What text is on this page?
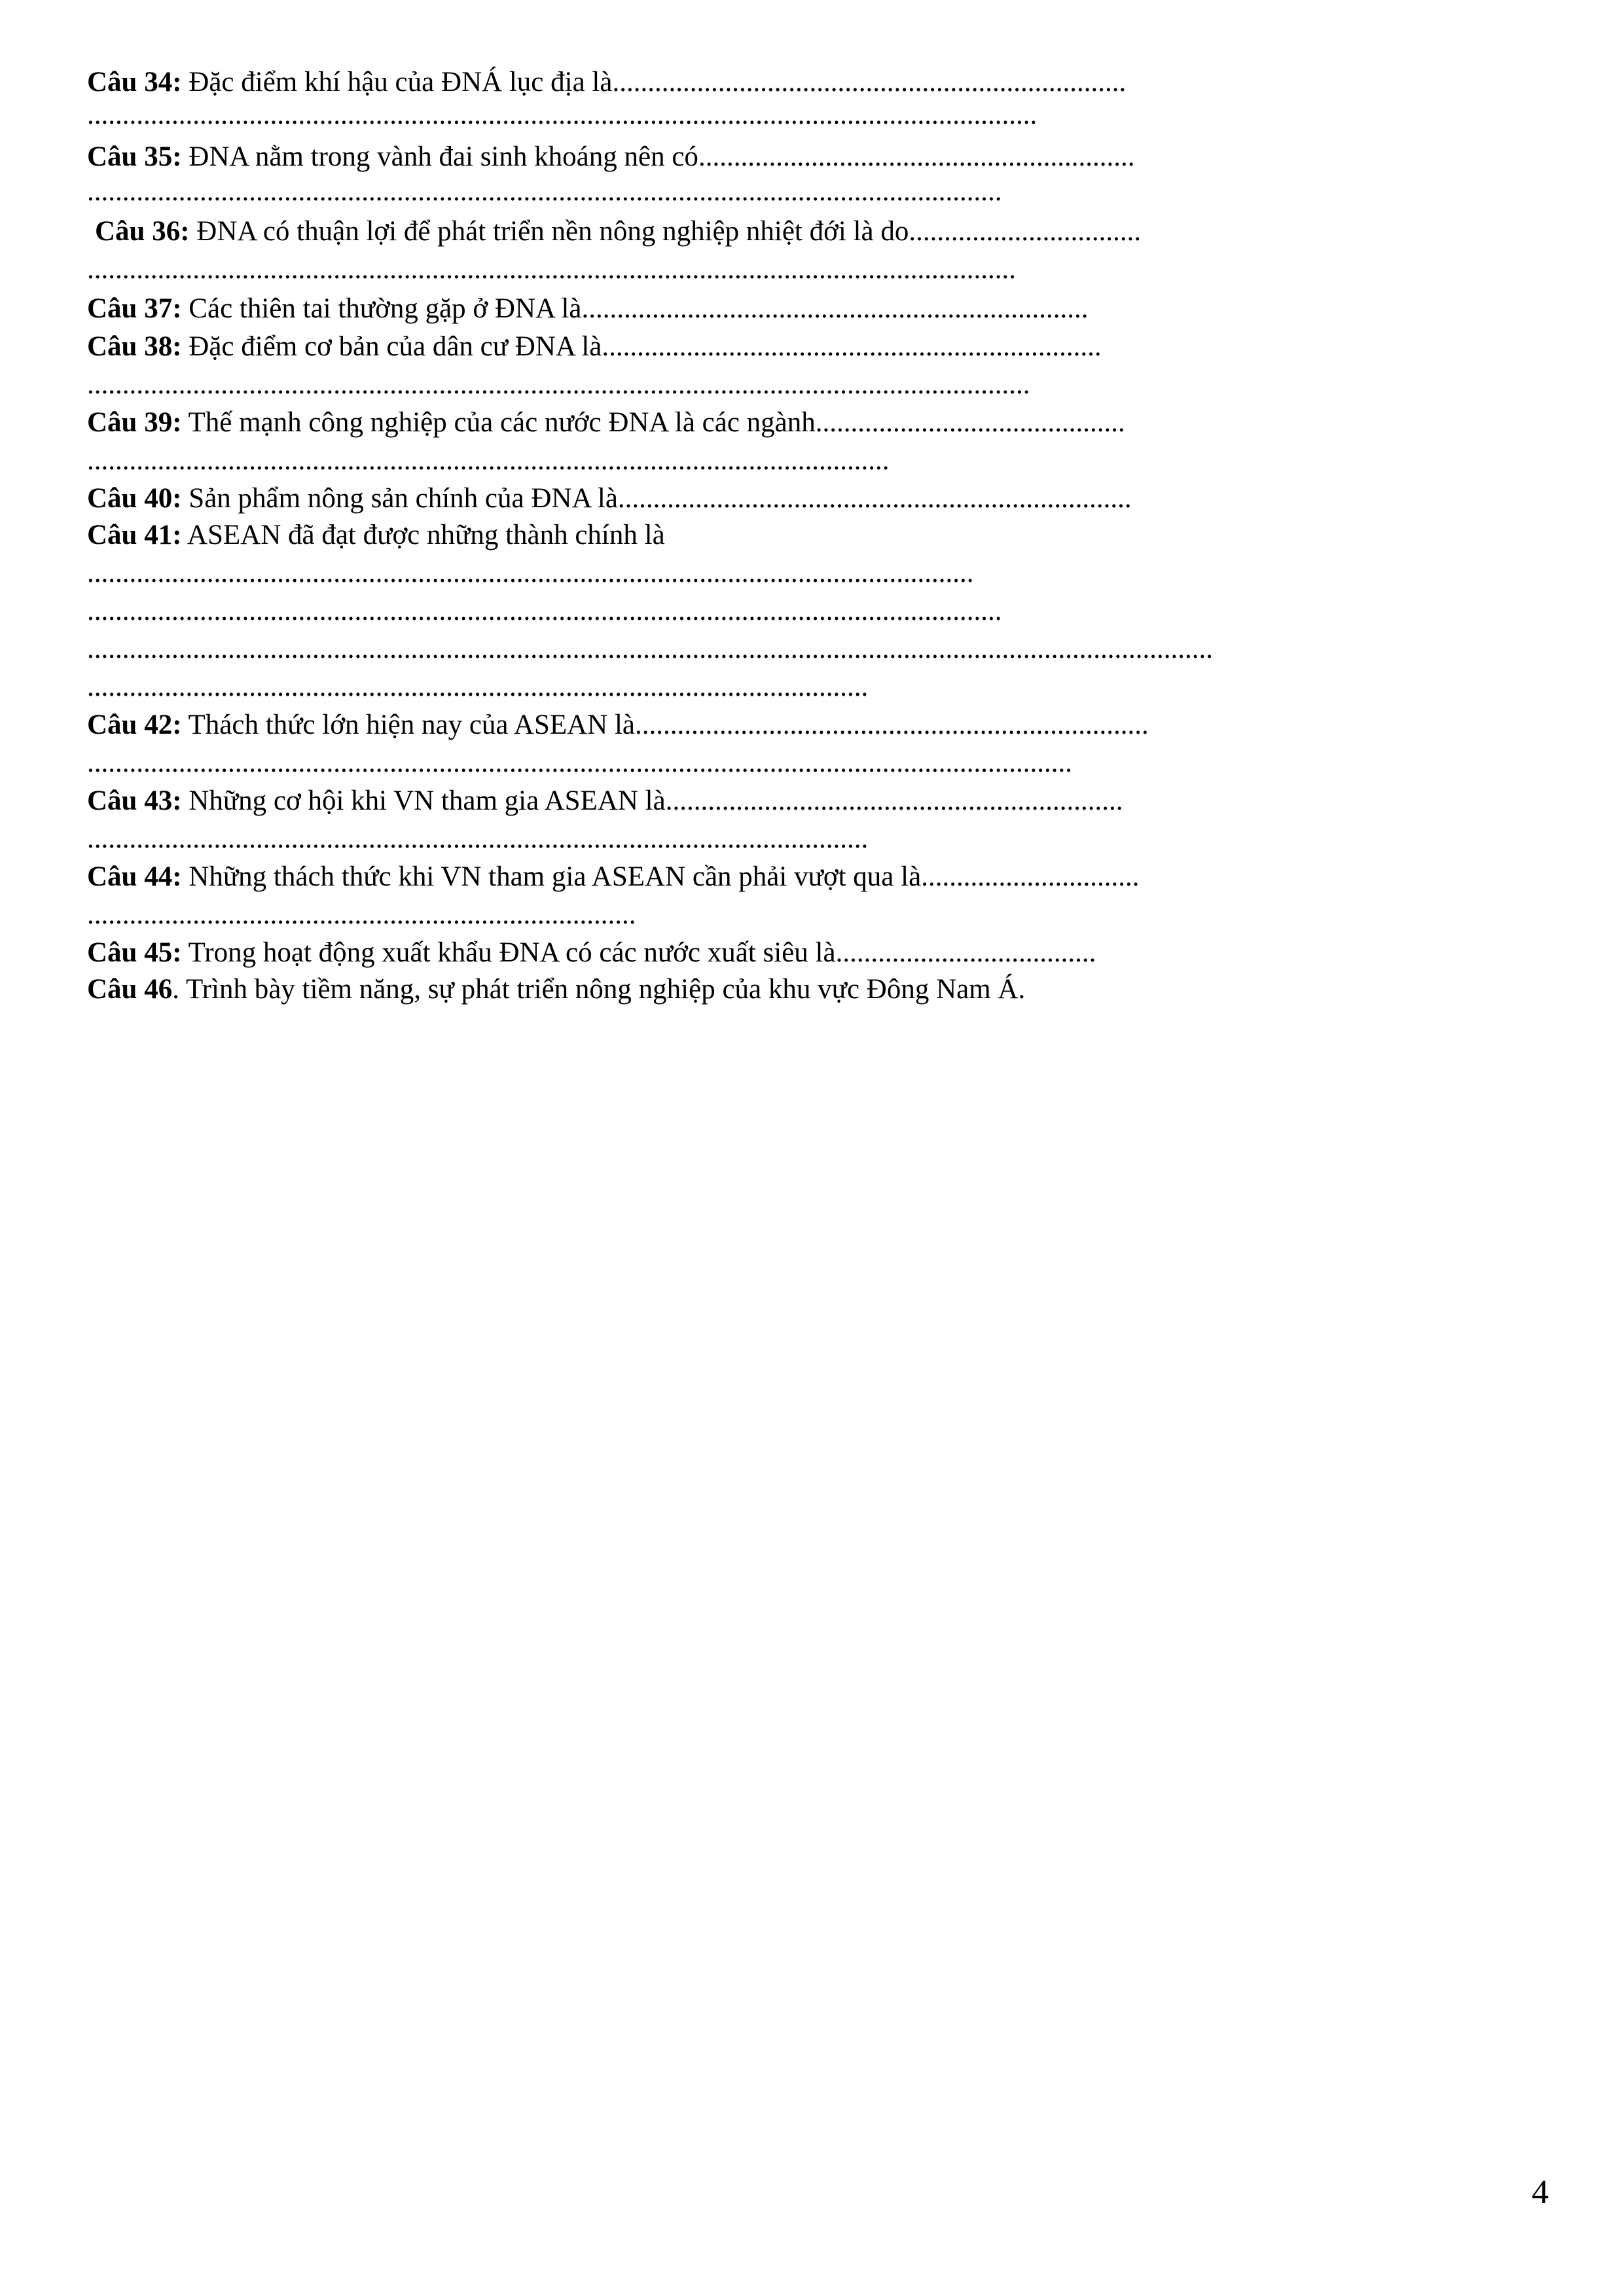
Câu 34: Đặc điểm khí hậu của ĐNÁ lục địa là.........................................................................
.......................................................................................................................................
Câu 35: ĐNA nằm trong vành đai sinh khoáng nên có..............................................................
..................................................................................................................................
Câu 36: ĐNA có thuận lợi để phát triển nền nông nghiệp nhiệt đới là do.................................
....................................................................................................................................
Câu 37: Các thiên tai thường gặp ở ĐNA là........................................................................
Câu 38: Đặc điểm cơ bản của dân cư ĐNA là.......................................................................
......................................................................................................................................
Câu 39: Thế mạnh công nghiệp của các nước ĐNA là các ngành............................................
..................................................................................................................
Câu 40: Sản phẩm nông sản chính của ĐNA là.........................................................................
Câu 41: ASEAN đã đạt được những thành chính là
..............................................................................................................................
..................................................................................................................................
................................................................................................................................................................
...............................................................................................................
Câu 42: Thách thức lớn hiện nay của ASEAN là.........................................................................
............................................................................................................................................
Câu 43: Những cơ hội khi VN tham gia ASEAN là.................................................................
...............................................................................................................
Câu 44: Những thách thức khi VN tham gia ASEAN cần phải vượt qua là...............................
..............................................................................
Câu 45: Trong hoạt động xuất khẩu ĐNA có các nước xuất siêu là.....................................
Câu 46. Trình bày tiềm năng, sự phát triển nông nghiệp của khu vực Đông Nam Á.
4
